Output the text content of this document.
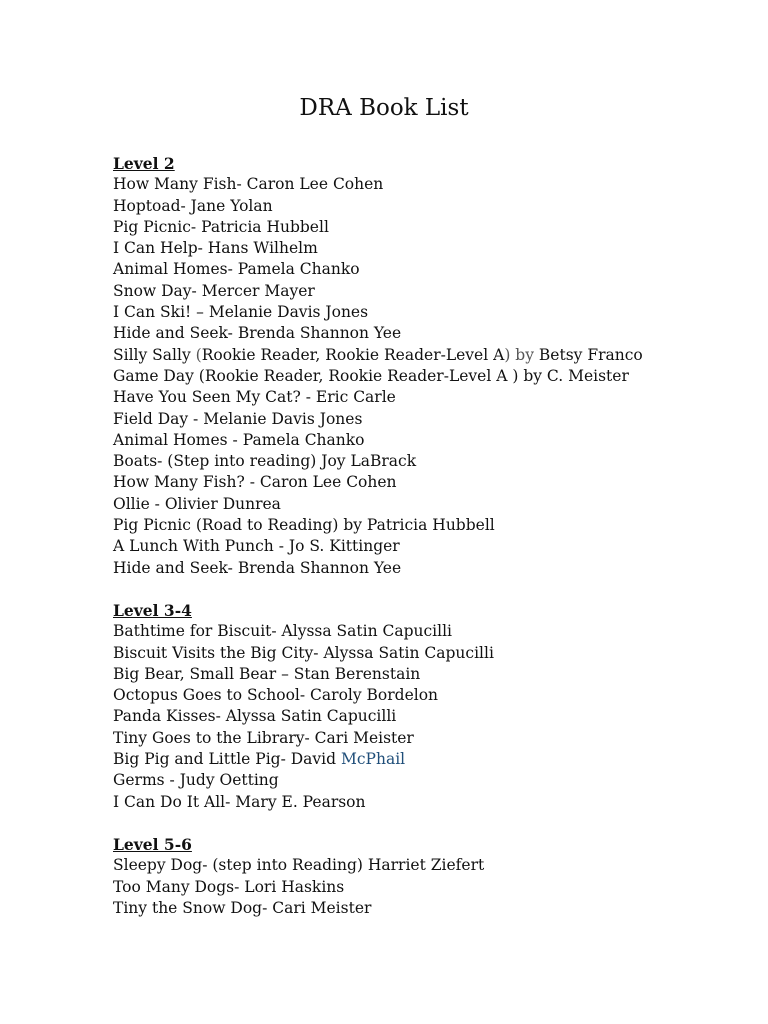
DRA Book List
Level 2
How Many Fish- Caron Lee Cohen
Hoptoad- Jane Yolan
Pig Picnic- Patricia Hubbell
I Can Help- Hans Wilhelm
Animal Homes- Pamela Chanko
Snow Day- Mercer Mayer
I Can Ski! – Melanie Davis Jones
Hide and Seek- Brenda Shannon Yee
Silly Sally (Rookie Reader, Rookie Reader-Level A) by Betsy Franco
Game Day (Rookie Reader, Rookie Reader-Level A ) by C. Meister
Have You Seen My Cat? - Eric Carle
Field Day - Melanie Davis Jones
Animal Homes - Pamela Chanko
Boats- (Step into reading) Joy LaBrack
How Many Fish? - Caron Lee Cohen
Ollie - Olivier Dunrea
Pig Picnic (Road to Reading) by Patricia Hubbell
A Lunch With Punch - Jo S. Kittinger
Hide and Seek- Brenda Shannon Yee
Level 3-4
Bathtime for Biscuit- Alyssa Satin Capucilli
Biscuit Visits the Big City- Alyssa Satin Capucilli
Big Bear, Small Bear – Stan Berenstain
Octopus Goes to School- Caroly Bordelon
Panda Kisses- Alyssa Satin Capucilli
Tiny Goes to the Library- Cari Meister
Big Pig and Little Pig- David McPhail
Germs - Judy Oetting
I Can Do It All- Mary E. Pearson
Level 5-6
Sleepy Dog- (step into Reading) Harriet Ziefert
Too Many Dogs- Lori Haskins
Tiny the Snow Dog- Cari Meister
